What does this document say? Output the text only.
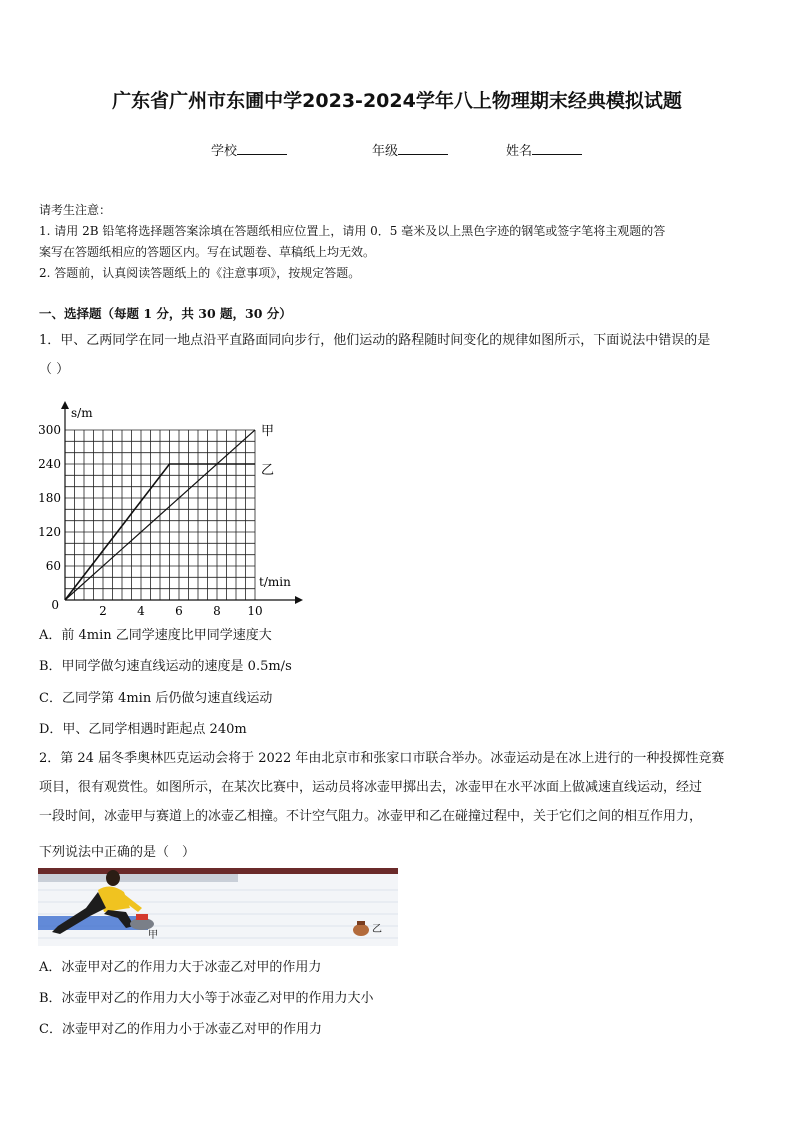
广东省广州市东圃中学2023-2024学年八上物理期末经典模拟试题
学校	年级	姓名
请考生注意：
1. 请用 2B 铅笔将选择题答案涂填在答题纸相应位置上，请用 0．5 毫米及以上黑色字迹的钢笔或签字笔将主观题的答
案写在答题纸相应的答题区内。写在试题卷、草稿纸上均无效。
2. 答题前，认真阅读答题纸上的《注意事项》，按规定答题。
一、选择题（每题 1 分，共 30 题，30 分）
1．甲、乙两同学在同一地点沿平直路面同向步行，他们运动的路程随时间变化的规律如图所示，下面说法中错误的是
（ ）
甲
乙
2	4	6	8 10
60
120
180
240
300
0
s/m
t/min
A．前 4min 乙同学速度比甲同学速度大
B．甲同学做匀速直线运动的速度是 0.5m/s
C．乙同学第 4min 后仍做匀速直线运动
D．甲、乙同学相遇时距起点 240m
2．第 24 届冬季奥林匹克运动会将于 2022 年由北京市和张家口市联合举办。冰壶运动是在冰上进行的一种投掷性竞赛
项目，很有观赏性。如图所示，在某次比赛中，运动员将冰壶甲掷出去，冰壶甲在水平冰面上做减速直线运动，经过
一段时间，冰壶甲与赛道上的冰壶乙相撞。不计空气阻力。冰壶甲和乙在碰撞过程中，关于它们之间的相互作用力，
下列说法中正确的是（　）
甲
乙
A．冰壶甲对乙的作用力大于冰壶乙对甲的作用力
B．冰壶甲对乙的作用力大小等于冰壶乙对甲的作用力大小
C．冰壶甲对乙的作用力小于冰壶乙对甲的作用力
